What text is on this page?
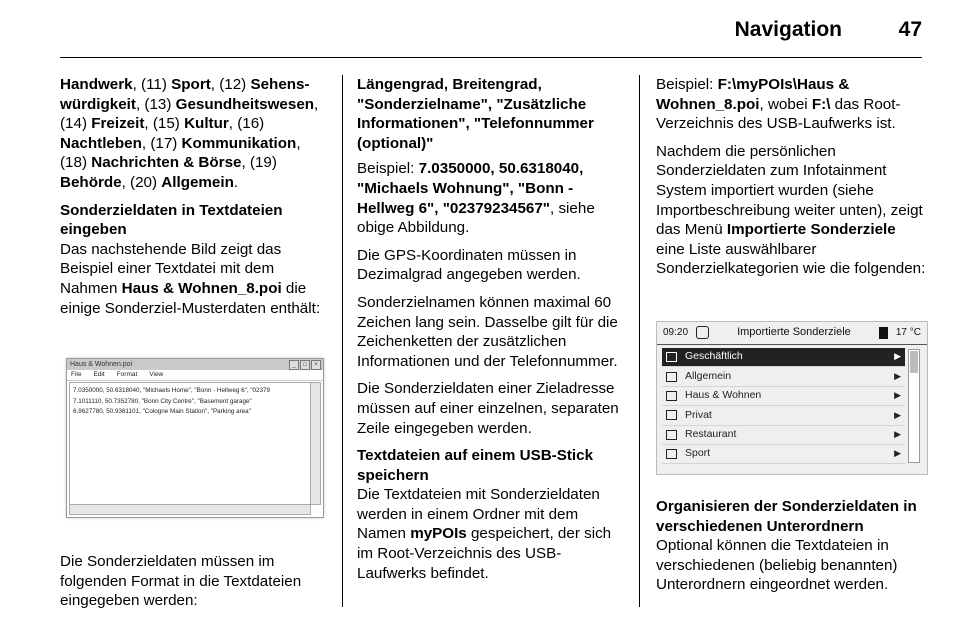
Navigation	47

Handwerk, (11) Sport, (12) Sehens-würdigkeit, (13) Gesundheitswesen, (14) Freizeit, (15) Kultur, (16) Nachtleben, (17) Kommunikation, (18) Nachrichten & Börse, (19) Behörde, (20) Allgemein.

Sonderzieldaten in Textdateien eingeben

Das nachstehende Bild zeigt das Beispiel einer Textdatei mit dem Nahmen Haus & Wohnen_8.poi die einige Sonderziel-Musterdaten enthält:

Haus & Wohnen.poi	_	□	×
File Edit Format View
7.0350000, 50.6318040, "Michaels Home", "Bonn - Hellweg 6", "02379
7.1011110, 50.7352780, "Bonn City Centre", "Basement garage"
6.9627780, 50.9361101, "Cologne Main Station", "Parking area"

Die Sonderzieldaten müssen im folgenden Format in die Textdateien eingegeben werden:

Längengrad, Breitengrad, "Sonderzielname", "Zusätzliche Informationen", "Telefonnummer (optional)"

Beispiel: 7.0350000, 50.6318040, "Michaels Wohnung", "Bonn - Hellweg 6", "02379234567", siehe obige Abbildung.

Die GPS-Koordinaten müssen in Dezimalgrad angegeben werden.

Sonderzielnamen können maximal 60 Zeichen lang sein. Dasselbe gilt für die Zeichenketten der zusätzlichen Informationen und der Telefonnummer.

Die Sonderzieldaten einer Zieladresse müssen auf einer einzelnen, separaten Zeile eingegeben werden.

Textdateien auf einem USB-Stick speichern

Die Textdateien mit Sonderzieldaten werden in einem Ordner mit dem Namen myPOIs gespeichert, der sich im Root-Verzeichnis des USB-Laufwerks befindet.

Beispiel: F:\myPOIs\Haus & Wohnen_8.poi, wobei F:\ das Root-Verzeichnis des USB-Laufwerks ist.

Nachdem die persönlichen Sonderzieldaten zum Infotainment System importiert wurden (siehe Importbeschreibung weiter unten), zeigt das Menü Importierte Sonderziele eine Liste auswählbarer Sonderzielkategorien wie die folgenden:

09:20	Importierte Sonderziele	17 °C
Geschäftlich	▶
Allgemein	▶
Haus & Wohnen	▶
Privat	▶
Restaurant	▶
Sport	▶
Organisieren der Sonderzieldaten in verschiedenen Unterordnern

Optional können die Textdateien in verschiedenen (beliebig benannten) Unterordnern eingeordnet werden.
